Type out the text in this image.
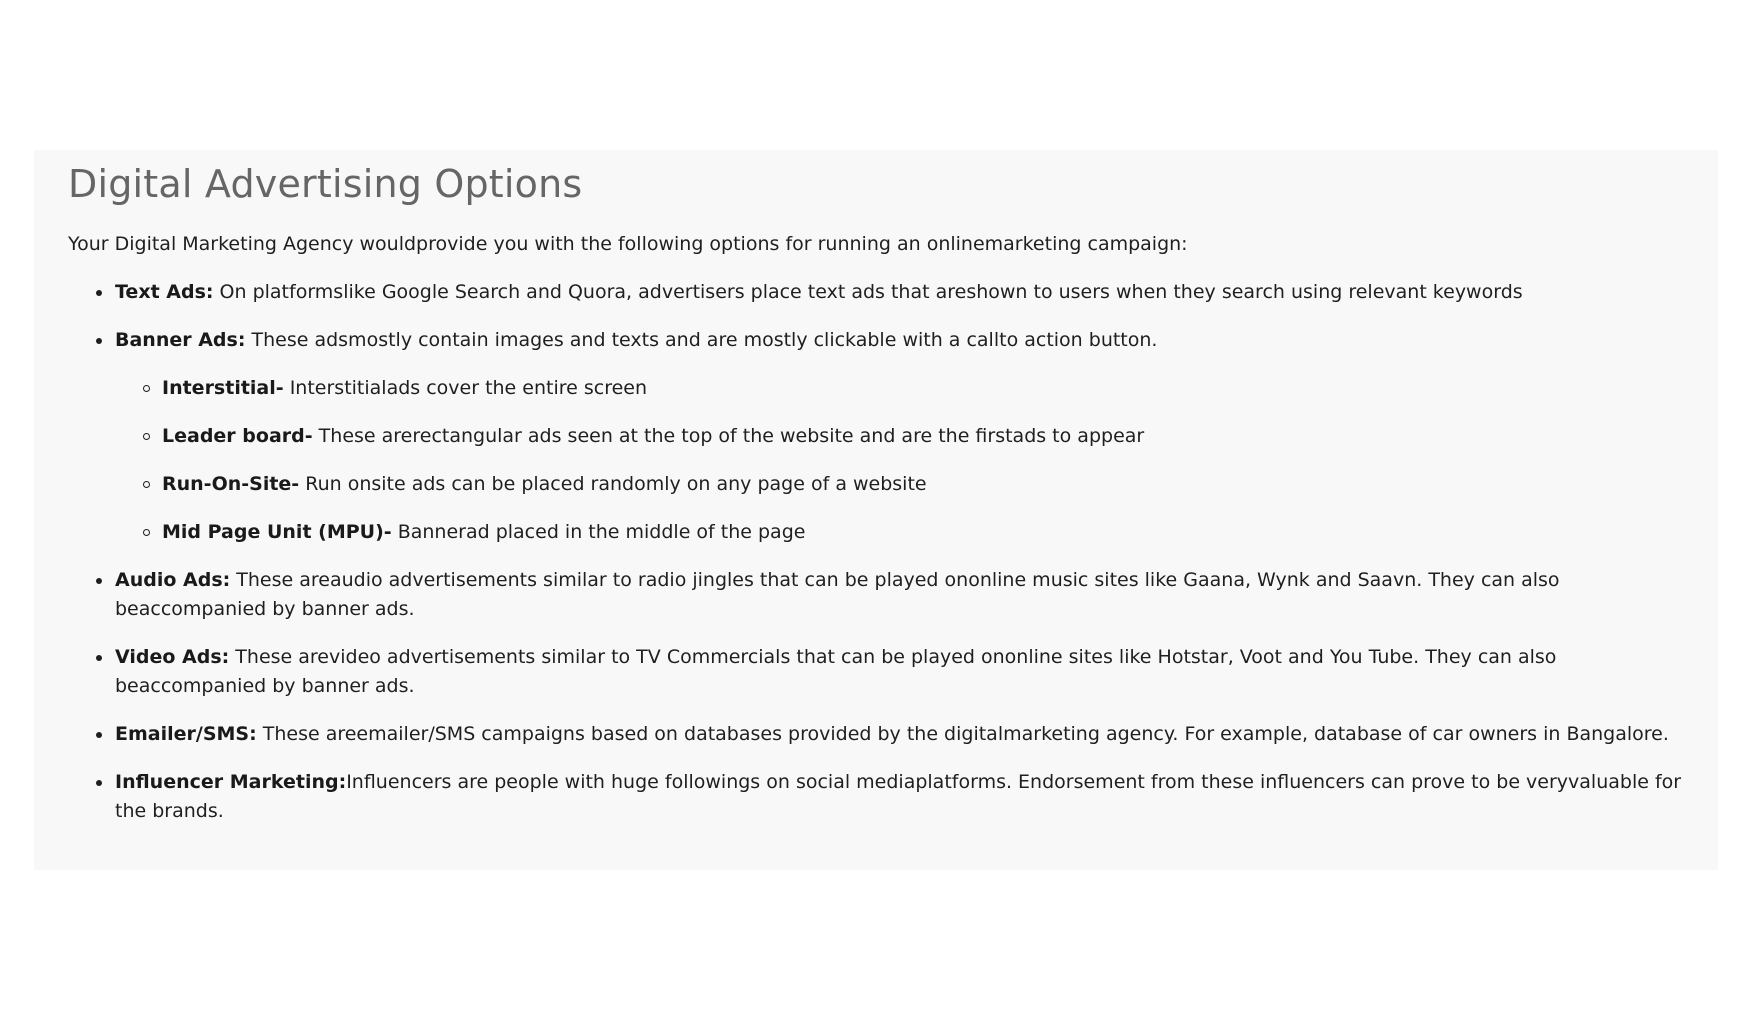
Digital Advertising Options

Your Digital Marketing Agency wouldprovide you with the following options for running an onlinemarketing campaign:

Text Ads: On platformslike Google Search and Quora, advertisers place text ads that areshown to users when they search using relevant keywords
Banner Ads: These adsmostly contain images and texts and are mostly clickable with a callto action button.
Interstitial- Interstitialads cover the entire screen
Leader board- These arerectangular ads seen at the top of the website and are the firstads to appear
Run-On-Site- Run onsite ads can be placed randomly on any page of a website
Mid Page Unit (MPU)- Bannerad placed in the middle of the page
Audio Ads: These areaudio advertisements similar to radio jingles that can be played ononline music sites like Gaana, Wynk and Saavn. They can also beaccompanied by banner ads.
Video Ads: These arevideo advertisements similar to TV Commercials that can be played ononline sites like Hotstar, Voot and You Tube. They can also beaccompanied by banner ads.
Emailer/SMS: These areemailer/SMS campaigns based on databases provided by the digitalmarketing agency. For example, database of car owners in Bangalore.
Influencer Marketing:Influencers are people with huge followings on social mediaplatforms. Endorsement from these influencers can prove to be veryvaluable for the brands.
